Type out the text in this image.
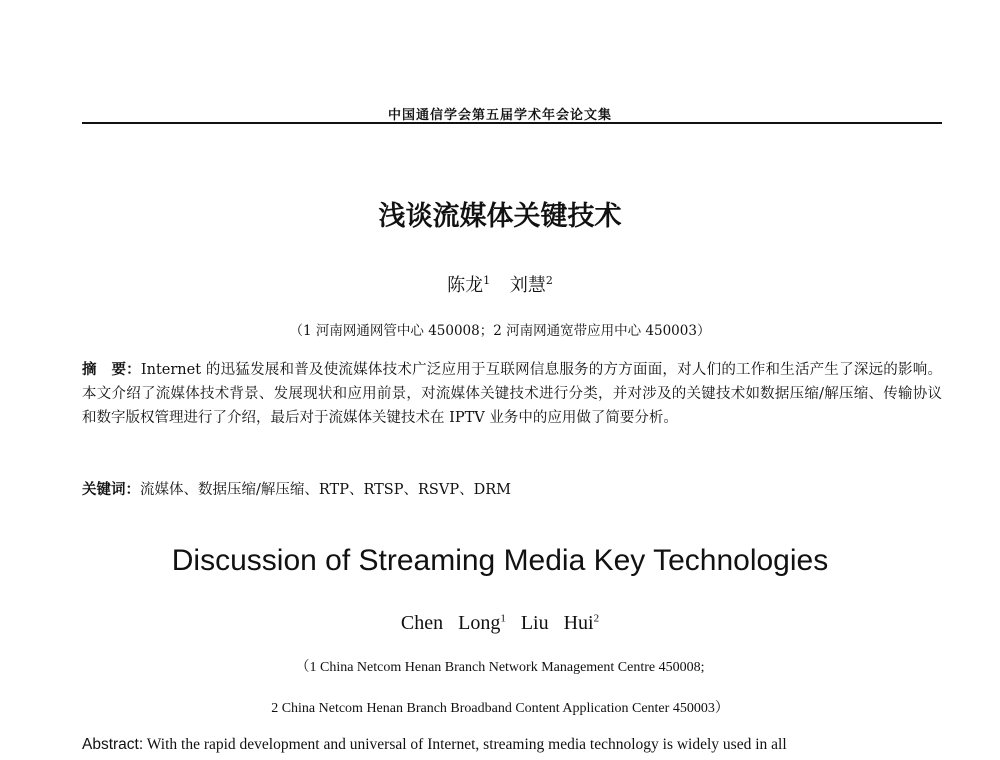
中国通信学会第五届学术年会论文集
浅谈流媒体关键技术
陈龙$^1$ 刘慧$^2$
（1 河南网通网管中心 450008；2 河南网通宽带应用中心 450003）
摘　要：Internet 的迅猛发展和普及使流媒体技术广泛应用于互联网信息服务的方方面面，对人们的工作和生活产生了深远的影响。本文介绍了流媒体技术背景、发展现状和应用前景，对流媒体关键技术进行分类，并对涉及的关键技术如数据压缩/解压缩、传输协议和数字版权管理进行了介绍，最后对于流媒体关键技术在 IPTV 业务中的应用做了简要分析。
关键词：流媒体、数据压缩/解压缩、RTP、RTSP、RSVP、DRM
Discussion of Streaming Media Key Technologies
Chen Long$^1$ Liu Hui$^2$
（1 China Netcom Henan Branch Network Management Centre 450008;
2 China Netcom Henan Branch Broadband Content Application Center 450003）
Abstract: With the rapid development and universal of Internet, streaming media technology is widely used in all
